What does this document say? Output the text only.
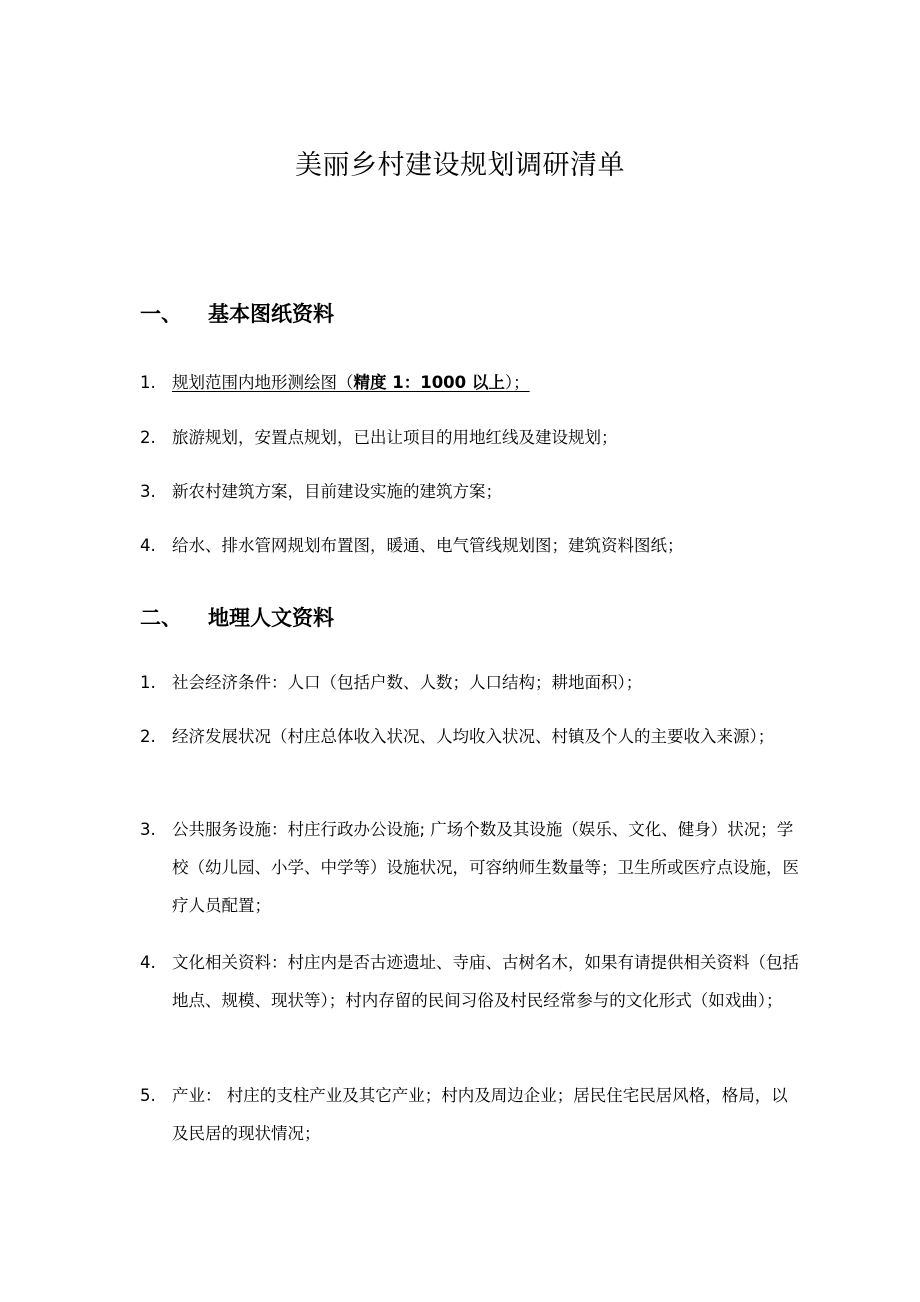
美丽乡村建设规划调研清单
一、 基本图纸资料
1. 规划范围内地形测绘图（精度 1：1000 以上）；
2. 旅游规划，安置点规划，已出让项目的用地红线及建设规划；
3. 新农村建筑方案，目前建设实施的建筑方案；
4. 给水、排水管网规划布置图，暖通、电气管线规划图；建筑资料图纸；
二、 地理人文资料
1. 社会经济条件：人口（包括户数、人数；人口结构；耕地面积）；
2. 经济发展状况（村庄总体收入状况、人均收入状况、村镇及个人的主要收入来源）；
3. 公共服务设施：村庄行政办公设施; 广场个数及其设施（娱乐、文化、健身）状况；学校（幼儿园、小学、中学等）设施状况，可容纳师生数量等；卫生所或医疗点设施，医疗人员配置；
4. 文化相关资料：村庄内是否古迹遗址、寺庙、古树名木，如果有请提供相关资料（包括地点、规模、现状等）；村内存留的民间习俗及村民经常参与的文化形式（如戏曲）；
5. 产业： 村庄的支柱产业及其它产业；村内及周边企业；居民住宅民居风格，格局，以及民居的现状情况；
